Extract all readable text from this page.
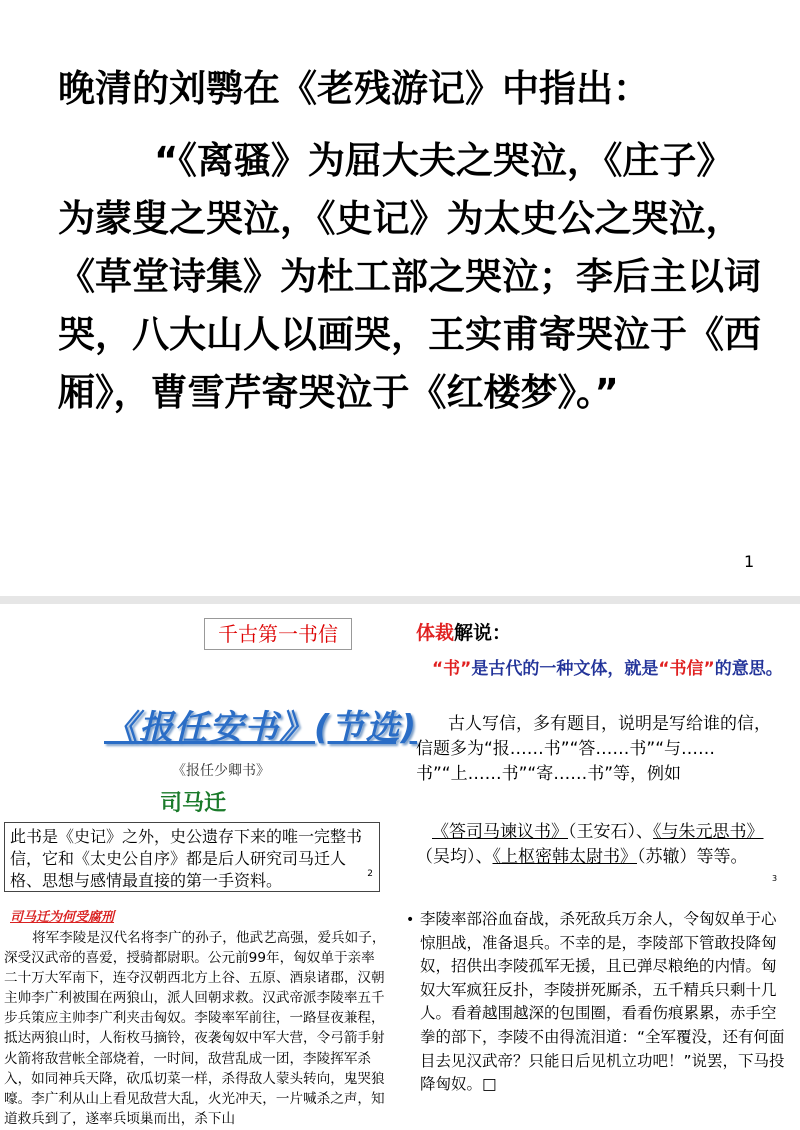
晚清的刘鹗在《老残游记》中指出：
“《离骚》为屈大夫之哭泣，《庄子》为蒙叟之哭泣，《史记》为太史公之哭泣，《草堂诗集》为杜工部之哭泣；李后主以词哭，八大山人以画哭，王实甫寄哭泣于《西厢》，曹雪芹寄哭泣于《红楼梦》。”
1
千古第一书信
《报任安书》(节选)
《报任少卿书》
司马迁
此书是《史记》之外，史公遗存下来的唯一完整书信，它和《太史公自序》都是后人研究司马迁人格、思想与感情最直接的第一手资料。	2
体裁解说：
“书”是古代的一种文体，就是“书信”的意思。
古人写信，多有题目，说明是写给谁的信，信题多为“报……书”“答……书”“与……书”“上……书”“寄……书”等，例如
《答司马谏议书》（王安石）、《与朱元思书》（吴均）、《上枢密韩太尉书》（苏辙）等等。
3
司马迁为何受腐刑
将军李陵是汉代名将李广的孙子，他武艺高强，爱兵如子，深受汉武帝的喜爱，授骑都尉职。公元前99年，匈奴单于亲率二十万大军南下，连夺汉朝西北方上谷、五原、酒泉诸郡，汉朝主帅李广利被围在两狼山，派人回朝求救。汉武帝派李陵率五千步兵策应主帅李广利夹击匈奴。李陵率军前往，一路昼夜兼程，抵达两狼山时，人衔枚马摘铃，夜袭匈奴中军大营，令弓箭手射火箭将敌营帐全部烧着，一时间，敌营乱成一团，李陵挥军杀入，如同神兵天降，砍瓜切菜一样，杀得敌人蒙头转向，鬼哭狼嚎。李广利从山上看见敌营大乱，火光冲天，一片喊杀之声，知道救兵到了，遂率兵顷巢而出，杀下山
• 李陵率部浴血奋战，杀死敌兵万余人，令匈奴单于心惊胆战，准备退兵。不幸的是，李陵部下管敢投降匈奴，招供出李陵孤军无援，且已弹尽粮绝的内情。匈奴大军疯狂反扑，李陵拼死厮杀，五千精兵只剩十几人。看着越围越深的包围圈，看看伤痕累累，赤手空拳的部下，李陵不由得流泪道：“全军覆没，还有何面目去见汉武帝？只能日后见机立功吧！”说罢，下马投降匈奴。□
